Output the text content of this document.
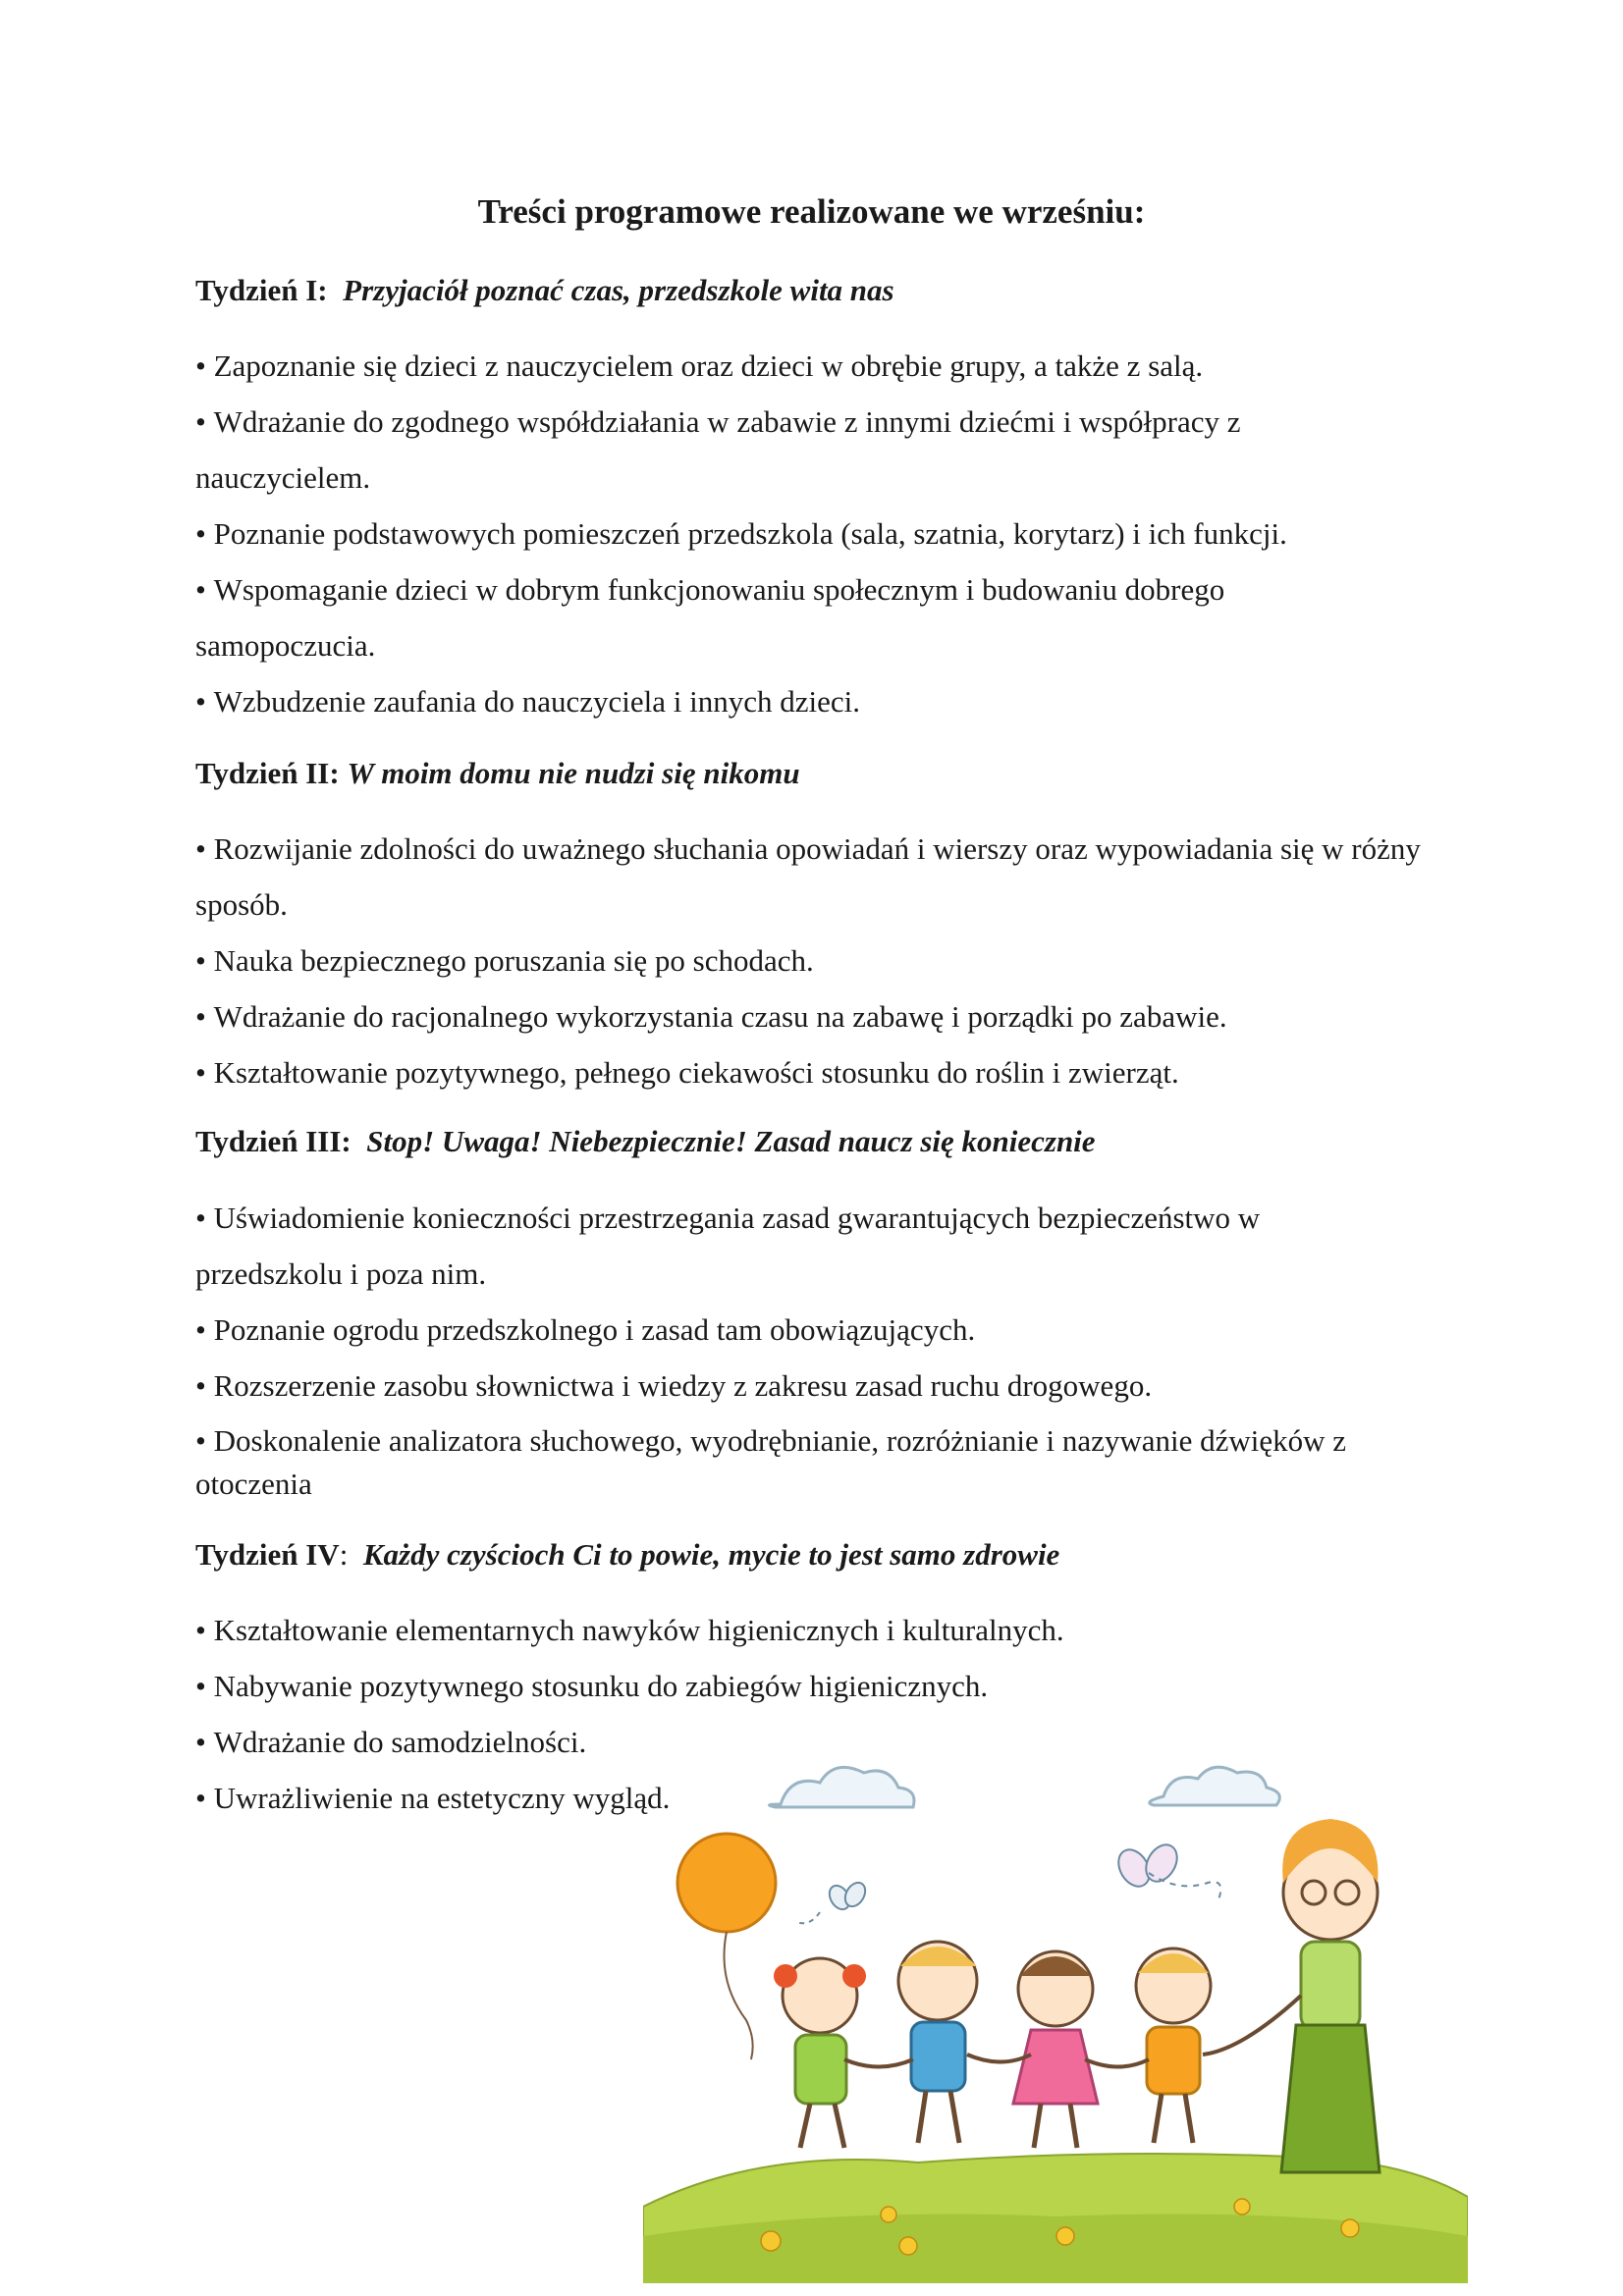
Treści programowe realizowane we wrześniu:

Tydzień I: Przyjaciół poznać czas, przedszkole wita nas

• Zapoznanie się dzieci z nauczycielem oraz dzieci w obrębie grupy, a także z salą.
• Wdrażanie do zgodnego współdziałania w zabawie z innymi dziećmi i współpracy z nauczycielem.
• Poznanie podstawowych pomieszczeń przedszkola (sala, szatnia, korytarz) i ich funkcji.
• Wspomaganie dzieci w dobrym funkcjonowaniu społecznym i budowaniu dobrego samopoczucia.
• Wzbudzenie zaufania do nauczyciela i innych dzieci.

Tydzień II: W moim domu nie nudzi się nikomu

• Rozwijanie zdolności do uważnego słuchania opowiadań i wierszy oraz wypowiadania się w różny sposób.
• Nauka bezpiecznego poruszania się po schodach.
• Wdrażanie do racjonalnego wykorzystania czasu na zabawę i porządki po zabawie.
• Kształtowanie pozytywnego, pełnego ciekawości stosunku do roślin i zwierząt.

Tydzień III: Stop! Uwaga! Niebezpiecznie! Zasad naucz się koniecznie

• Uświadomienie konieczności przestrzegania zasad gwarantujących bezpieczeństwo w przedszkolu i poza nim.
• Poznanie ogrodu przedszkolnego i zasad tam obowiązujących.
• Rozszerzenie zasobu słownictwa i wiedzy z zakresu zasad ruchu drogowego.
• Doskonalenie analizatora słuchowego, wyodrębnianie, rozróżnianie i nazywanie dźwięków z otoczenia

Tydzień IV: Każdy czyścioch Ci to powie, mycie to jest samo zdrowie

• Kształtowanie elementarnych nawyków higienicznych i kulturalnych.
• Nabywanie pozytywnego stosunku do zabiegów higienicznych.
• Wdrażanie do samodzielności.
• Uwrażliwienie na estetyczny wygląd.
